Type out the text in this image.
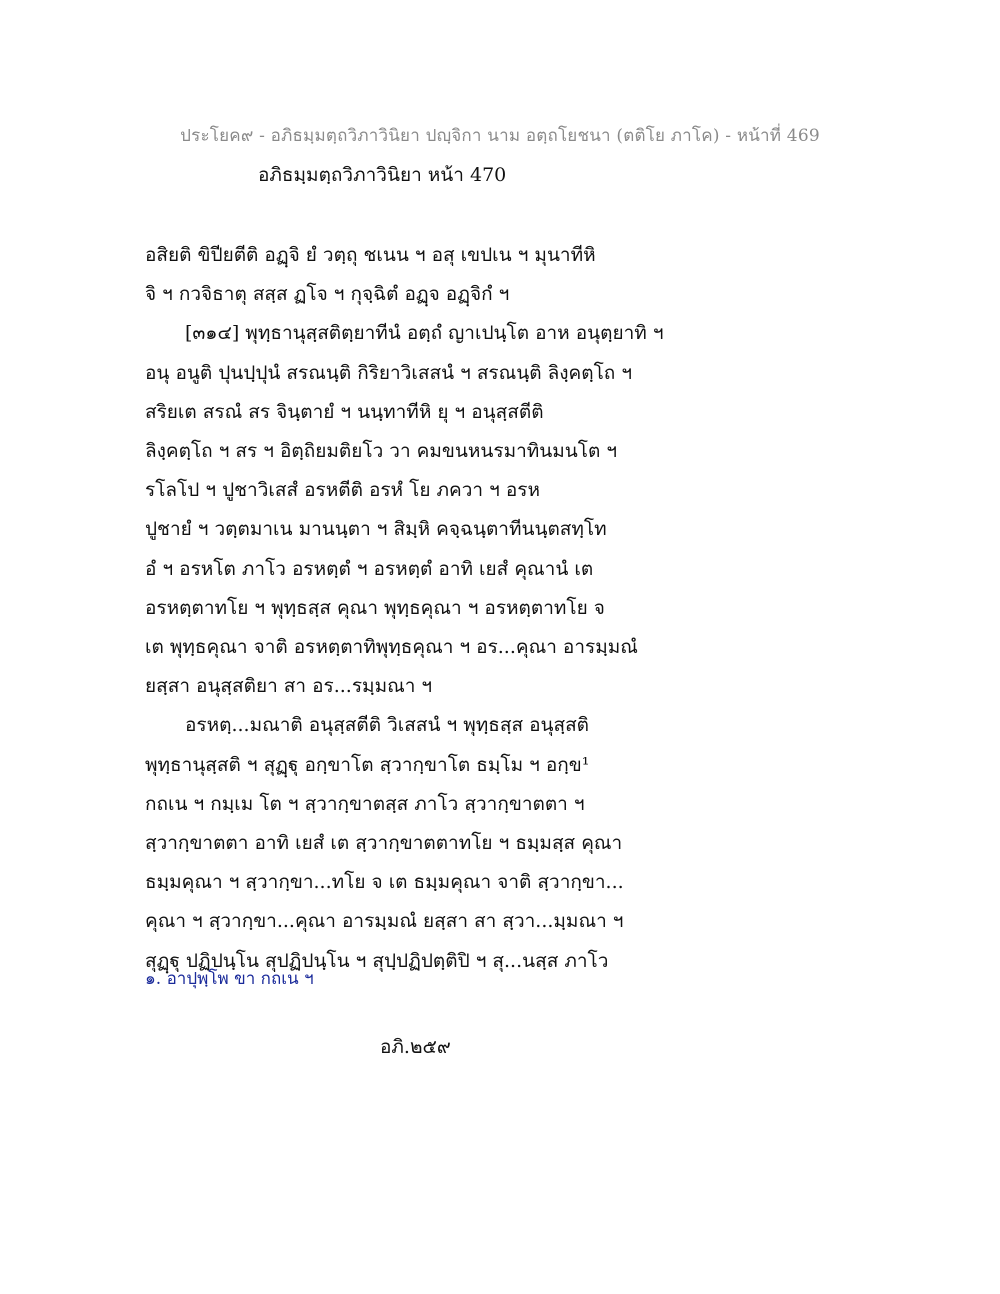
ประโยค๙ - อภิธมฺมตฺถวิภาวินิยา ปญฺจิกา นาม อตฺถโยชนา (ตติโย ภาโค) - หน้าที่ 469
อภิธมฺมตฺถวิภาวินิยา หน้า 470
อสิยติ ขิปียตีติ อฏฺจิ ยํ วตฺถุ ชเนน ฯ อสุ เขปเน ฯ มุนาทีหิ
จิ ฯ กวจิธาตุ สสฺส ฏโจ ฯ กุจฺฉิตํ อฏฺจ อฏฺจิกํ ฯ
[๓๑๔] พุทฺธานุสฺสติตฺยาทีนํ อตฺถํ ญาเปนฺโต อาห อนุตฺยาทิ ฯ
อนุ อนูติ ปุนปฺปุนํ สรณนฺติ กิริยาวิเสสนํ ฯ สรณนฺติ ลิงฺคตฺโถ ฯ
สริยเต สรณํ สร จินฺตายํ ฯ นนฺทาทีหิ ยุ ฯ อนุสฺสตีติ
ลิงฺคตฺโถ ฯ สร ฯ อิตฺถิยมติยโว วา คมขนหนรมาทินมนโต ฯ
รโลโป ฯ ปูชาวิเสสํ อรหตีติ อรหํ โย ภควา ฯ อรห
ปูชายํ ฯ วตฺตมาเน มานนฺตา ฯ สิมฺหิ คจฺฉนฺตาทีนนฺตสทฺโท
อํ ฯ อรหโต ภาโว อรหตฺตํ ฯ อรหตฺตํ อาทิ เยสํ คุณานํ เต
อรหตฺตาทโย ฯ พุทฺธสฺส คุณา พุทฺธคุณา ฯ อรหตฺตาทโย จ
เต พุทฺธคุณา จาติ อรหตฺตาทิพุทฺธคุณา ฯ อร...คุณา อารมฺมณํ
ยสฺสา อนุสฺสติยา สา อร...รมฺมณา ฯ
อรหตฺ...มณาติ อนุสฺสตีติ วิเสสนํ ฯ พุทฺธสฺส อนุสฺสติ
พุทฺธานุสฺสติ ฯ สุฏฺฐุ อกฺขาโต สฺวากฺขาโต ธมฺโม ฯ อกฺข¹
กถเน ฯ กมฺเม โต ฯ สฺวากฺขาตสฺส ภาโว สฺวากฺขาตตา ฯ
สฺวากฺขาตตา อาทิ เยสํ เต สฺวากฺขาตตาทโย ฯ ธมฺมสฺส คุณา
ธมฺมคุณา ฯ สฺวากฺขา...ทโย จ เต ธมฺมคุณา จาติ สฺวากฺขา...
คุณา ฯ สฺวากฺขา...คุณา อารมฺมณํ ยสฺสา สา สฺวา...มฺมณา ฯ
สุฏฺฐุ ปฏิปนฺโน สุปฏิปนฺโน ฯ สุปฺปฏิปตฺติปิ ฯ สุ...นสฺส ภาโว
๑. อาปุพฺโพ ขา กถเน ฯ
อภิ.๒๕๙
